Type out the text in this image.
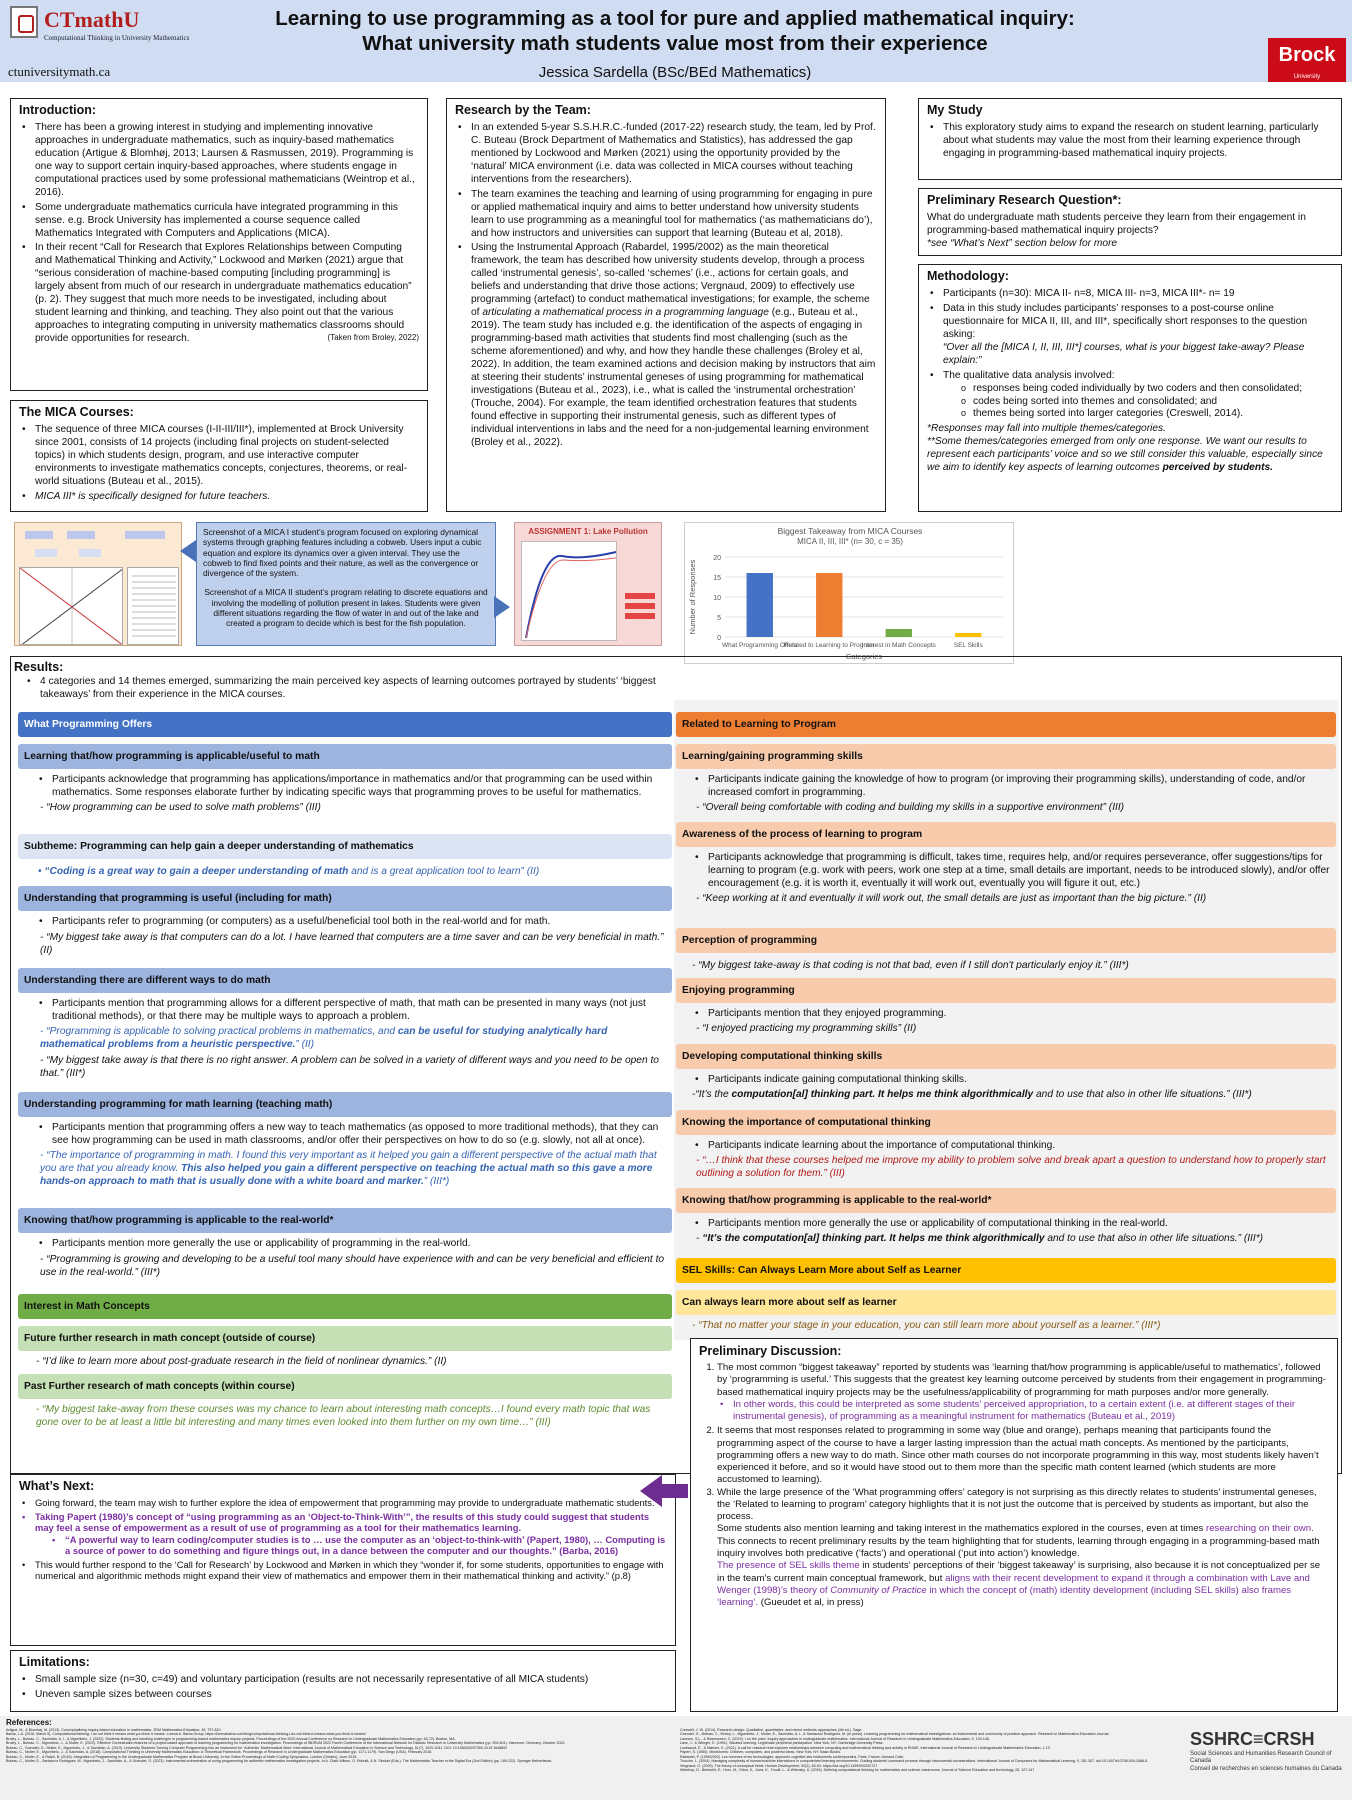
CTmathU
Computational Thinking in University Mathematics
ctuniversitymath.ca
Learning to use programming as a tool for pure and applied mathematical inquiry:
What university math students value most from their experience
Jessica Sardella (BSc/BEd Mathematics)
Brock
University
Introduction:
• There has been a growing interest in studying and implementing innovative approaches in undergraduate mathematics, such as inquiry-based mathematics education (Artigue & Blomhøj, 2013; Laursen & Rasmussen, 2019). Programming is one way to support certain inquiry-based approaches, where students engage in computational practices used by some professional mathematicians (Weintrop et al., 2016).
• Some undergraduate mathematics curricula have integrated programming in this sense. e.g. Brock University has implemented a course sequence called Mathematics Integrated with Computers and Applications (MICA).
• In their recent “Call for Research that Explores Relationships between Computing and Mathematical Thinking and Activity,” Lockwood and Mørken (2021) argue that “serious consideration of machine-based computing [including programming] is largely absent from much of our research in undergraduate mathematics education” (p. 2). They suggest that much more needs to be investigated, including about student learning and thinking, and teaching. They also point out that the various approaches to integrating computing in university mathematics classrooms should provide opportunities for research.	(Taken from Broley, 2022)
The MICA Courses:
• The sequence of three MICA courses (I-II-III/III*), implemented at Brock University since 2001, consists of 14 projects (including final projects on student-selected topics) in which students design, program, and use interactive computer environments to investigate mathematics concepts, conjectures, theorems, or real-world situations (Buteau et al., 2015).
• MICA III* is specifically designed for future teachers.
Research by the Team:
• In an extended 5-year S.S.H.R.C.-funded (2017-22) research study, the team, led by Prof. C. Buteau (Brock Department of Mathematics and Statistics), has addressed the gap mentioned by Lockwood and Mørken (2021) using the opportunity provided by the ‘natural’ MICA environment (i.e. data was collected in MICA courses without teaching interventions from the researchers).
• The team examines the teaching and learning of using programming for engaging in pure or applied mathematical inquiry and aims to better understand how university students learn to use programming as a meaningful tool for mathematics (‘as mathematicians do’), and how instructors and universities can support that learning (Buteau et al, 2018).
• Using the Instrumental Approach (Rabardel, 1995/2002) as the main theoretical framework, the team has described how university students develop, through a process called ‘instrumental genesis’, so-called ‘schemes’ (i.e., actions for certain goals, and beliefs and understanding that drive those actions; Vergnaud, 2009) to effectively use programming (artefact) to conduct mathematical investigations; for example, the scheme of articulating a mathematical process in a programming language (e.g., Buteau et al., 2019). The team study has included e.g. the identification of the aspects of engaging in programming-based math activities that students find most challenging (such as the scheme aforementioned) and why, and how they handle these challenges (Broley et al, 2022). In addition, the team examined actions and decision making by instructors that aim at steering their students’ instrumental geneses of using programming for mathematical investigations (Buteau et al., 2023), i.e., what is called the ‘instrumental orchestration’ (Trouche, 2004). For example, the team identified orchestration features that students found effective in supporting their instrumental genesis, such as different types of individual interventions in labs and the need for a non-judgemental learning environment (Broley et al., 2022).
My Study
• This exploratory study aims to expand the research on student learning, particularly about what students may value the most from their learning experience through engaging in programming-based mathematical inquiry projects.
Preliminary Research Question*:
What do undergraduate math students perceive they learn from their engagement in programming-based mathematical inquiry projects?
*see “What’s Next” section below for more
Methodology:
• Participants (n=30): MICA II- n=8, MICA III- n=3, MICA III*- n= 19
• Data in this study includes participants’ responses to a post-course online questionnaire for MICA II, III, and III*, specifically short responses to the question asking:
“Over all the [MICA I, II, III, III*] courses, what is your biggest take-away? Please explain:”
• The qualitative data analysis involved:
o responses being coded individually by two coders and then consolidated;
o codes being sorted into themes and consolidated; and
o themes being sorted into larger categories (Creswell, 2014).
*Responses may fall into multiple themes/categories.
**Some themes/categories emerged from only one response. We want our results to represent each participants’ voice and so we still consider this valuable, especially since we aim to identify key aspects of learning outcomes perceived by students.
Screenshot of a MICA I student’s program focused on exploring dynamical systems through graphing features including a cobweb. Users input a cubic equation and explore its dynamics over a given interval. They use the cobweb to find fixed points and their nature, as well as the convergence or divergence of the system.
Screenshot of a MICA II student’s program relating to discrete equations and involving the modelling of pollution present in lakes. Students were given different situations regarding the flow of water in and out of the lake and created a program to decide which is best for the fish population.
ASSIGNMENT 1: Lake Pollution	Biggest Takeaway from MICA Courses
MICA II, III, III* (n= 30, c = 35)
0
5
10
15
20
What Programming Offers
Related to Learning to Program
Interest in Math Concepts	SEL Skills
Categories
Number of Responses
Results:
• 4 categories and 14 themes emerged, summarizing the main perceived key aspects of learning outcomes portrayed by students’ ‘biggest takeaways’ from their experience in the MICA courses.
What Programming Offers
Learning that/how programming is applicable/useful to math
• Participants acknowledge that programming has applications/importance in mathematics and/or that programming can be used within mathematics. Some responses elaborate further by indicating specific ways that programming proves to be useful for mathematics.
- “How programming can be used to solve math problems” (III)
Subtheme: Programming can help gain a deeper understanding of mathematics
• “Coding is a great way to gain a deeper understanding of math and is a great application tool to learn” (II)
Understanding that programming is useful (including for math)
• Participants refer to programming (or computers) as a useful/beneficial tool both in the real-world and for math.
- “My biggest take away is that computers can do a lot. I have learned that computers are a time saver and can be very beneficial in math.” (II)
Understanding there are different ways to do math
• Participants mention that programming allows for a different perspective of math, that math can be presented in many ways (not just traditional methods), or that there may be multiple ways to approach a problem.
- “Programming is applicable to solving practical problems in mathematics, and can be useful for studying analytically hard mathematical problems from a heuristic perspective.” (II)
- “My biggest take away is that there is no right answer. A problem can be solved in a variety of different ways and you need to be open to that.” (III*)
Understanding programming for math learning (teaching math)
• Participants mention that programming offers a new way to teach mathematics (as opposed to more traditional methods), that they can see how programming can be used in math classrooms, and/or offer their perspectives on how to do so (e.g. slowly, not all at once).
- “The importance of programming in math. I found this very important as it helped you gain a different perspective of the actual math that you are that you already know. This also helped you gain a different perspective on teaching the actual math so this gave a more hands-on approach to math that is usually done with a white board and marker.” (III*)
Knowing that/how programming is applicable to the real-world*
• Participants mention more generally the use or applicability of programming in the real-world.
- “Programming is growing and developing to be a useful tool many should have experience with and can be very beneficial and efficient to use in the real-world.” (III*)
Interest in Math Concepts
Future further research in math concept (outside of course)
- “I’d like to learn more about post-graduate research in the field of nonlinear dynamics.” (II)
Past Further research of math concepts (within course)
- “My biggest take-away from these courses was my chance to learn about interesting math concepts…I found every math topic that was gone over to be at least a little bit interesting and many times even looked into them further on my own time…” (III)
Related to Learning to Program
Learning/gaining programming skills
• Participants indicate gaining the knowledge of how to program (or improving their programming skills), understanding of code, and/or increased comfort in programming.
- “Overall being comfortable with coding and building my skills in a supportive environment” (III)
Awareness of the process of learning to program
• Participants acknowledge that programming is difficult, takes time, requires help, and/or requires perseverance, offer suggestions/tips for learning to program (e.g. work with peers, work one step at a time, small details are important, needs to be introduced slowly), and/or offer encouragement (e.g. it is worth it, eventually it will work out, eventually you will figure it out, etc.)
- “Keep working at it and eventually it will work out, the small details are just as important than the big picture.” (II)
Perception of programming
- “My biggest take-away is that coding is not that bad, even if I still don't particularly enjoy it.” (III*)
Enjoying programming
• Participants mention that they enjoyed programming.
- “I enjoyed practicing my programming skills” (II)
Developing computational thinking skills
• Participants indicate gaining computational thinking skills.
-“It’s the computation[al] thinking part. It helps me think algorithmically and to use that also in other life situations.” (III*)
Knowing the importance of computational thinking
• Participants indicate learning about the importance of computational thinking.
- “…I think that these courses helped me improve my ability to problem solve and break apart a question to understand how to properly start outlining a solution for them.” (III)
Knowing that/how programming is applicable to the real-world*
• Participants mention more generally the use or applicability of computational thinking in the real-world.
- “It’s the computation[al] thinking part. It helps me think algorithmically and to use that also in other life situations.” (III*)
SEL Skills: Can Always Learn More about Self as Learner
Can always learn more about self as learner
- “That no matter your stage in your education, you can still learn more about yourself as a learner.” (III*)
Preliminary Discussion:
1. The most common “biggest takeaway” reported by students was ‘learning that/how programming is applicable/useful to mathematics’, followed by ‘programming is useful.’ This suggests that the greatest key learning outcome perceived by students from their engagement in programming-based mathematical inquiry projects may be the usefulness/applicability of programming for math purposes and/or more generally.
• In other words, this could be interpreted as some students’ perceived appropriation, to a certain extent (i.e. at different stages of their instrumental genesis), of programming as a meaningful instrument for mathematics (Buteau et al., 2019)
2. It seems that most responses related to programming in some way (blue and orange), perhaps meaning that participants found the programming aspect of the course to have a larger lasting impression than the actual math concepts. As mentioned by the participants, programming offers a new way to do math. Since other math courses do not incorporate programming in this way, most students likely haven’t experienced it before, and so it would have stood out to them more than the specific math content learned (which students are more accustomed to learning).
3. While the large presence of the ‘What programming offers’ category is not surprising as this directly relates to students’ instrumental geneses, the ‘Related to learning to program’ category highlights that it is not just the outcome that is perceived by students as important, but also the process.
Some students also mention learning and taking interest in the mathematics explored in the courses, even at times researching on their own. This connects to recent preliminary results by the team highlighting that for students, learning through engaging in a programming-based math inquiry involves both predicative (‘facts’) and operational (‘put into action’) knowledge.
The presence of SEL skills theme in students’ perceptions of their ‘biggest takeaway’ is surprising, also because it is not conceptualized per se in the team’s current main conceptual framework, but aligns with their recent development to expand it through a combination with Lave and Wenger (1998)’s theory of Community of Practice in which the concept of (math) identity development (including SEL skills) also frames ‘learning’. (Gueudet et al, in press)
What’s Next:
• Going forward, the team may wish to further explore the idea of empowerment that programming may provide to undergraduate mathematic students.
• Taking Papert (1980)’s concept of “using programming as an ‘Object-to-Think-With’”, the results of this study could suggest that students may feel a sense of empowerment as a result of use of programming as a tool for their mathematics learning.
• “A powerful way to learn coding/computer studies is to … use the computer as an ‘object-to-think-with’ (Papert, 1980), … Computing is a source of power to do something and figure things out, in a dance between the computer and our thoughts.” (Barba, 2016)
• This would further respond to the ‘Call for Research’ by Lockwood and Mørken in which they “wonder if, for some students, opportunities to engage with numerical and algorithmic methods might expand their view of mathematics and empower them in their mathematical thinking and activity.” (p.8)
Limitations:
• Small sample size (n=30, c=49) and voluntary participation (results are not necessarily representative of all MICA students)
• Uneven sample sizes between courses
References:
Artigue, M., & Blomhøj, M. (2013). Conceptualizing inquiry-based education in mathematics. ZDM Mathematics Education, 45, 797-810.
Barba, L.A. (2016, March 5). Computational thinking: I do not think it means what you think it means. Lorena A. Barba Group. https://lorenabarba.com/blog/computational-thinking-i-do-not-think-it-means-what-you-think-it-means/
Broley, L., Buteau, C., Sacristán, A. I., & Mgombelo, J. (2022). Students finding and handling challenges in programming-based mathematics inquiry projects. Proceedings of the 2020 Annual Conference on Research in Undergraduate Mathematics Education (pp. 63-72). Boston, MA.
Broley, L., Buteau, C., Mgombelo, J., & Muller, E. (2022). Effective Orchestration features of a project-based approach to learning programming for mathematics investigation. Proceedings of INDRUM 2022 Fourth Conference of the International Network for Didactic Research in University Mathematics (pp. 592-601). Hannover, Germany. October 2022.
Buteau, C., Gueudet, G., Muller, E., Mgombelo, J., & Sacristán, A. (2019). University Students Turning Computer Programming into an Instrument for ‘Authentic’ Mathematical Work. International Journal of Mathematical Education in Science and Technology, 51(7), 1020-1041. DOI: 10.1080/0020739X.2019.1648892
Buteau, C., Muller, E., Mgombelo, J., & Sacristán, A. (2018). Computational Thinking in University Mathematics Education: A Theoretical Framework. Proceedings of Research in Undergraduate Mathematics Education (pp. 1171-1179). San Diego (USA), February 2018.
Buteau, C., Muller, E., & Ralph, B. (2015). Integration of Programming in the Undergraduate Mathematics Program at Brock University. In the Online Proceedings of Math+Coding Symposium, London (Ontario), June 2015.
Buteau, C., Muller, E., Santacruz Rodriguez, M., Mgombelo, J., Sacristán, A., & Gueudet, G. (2023). Instrumental orchestration of using programming for authentic mathematics investigation projects. In A. Clark-Wilson, O. Robutti, & N. Sinclair (Eds.), The Mathematics Teacher in the Digital Era (2nd Edition) (pp. 189-222). Springer Netherlands.
Creswell, J. W. (2014). Research design: Qualitative, quantitative, and mixed methods approaches (4th ed.). Sage.
Gueudet, G., Buteau, C., Broley, L., Mgombelo, J., Muller, E., Sacristán, A. I., & Santacruz Rodriguez, M. (in press). Learning programming for mathematical investigations: an instrumental and community of practice approach. Research in Mathematics Education Journal.
Laursen, S.L., & Rasmussen, C. (2019). I on the prize: Inquiry approaches in undergraduate mathematics. International Journal of Research in Undergraduate Mathematics Education, 5, 129-146.
Lave, J., & Wenger, E. (1991). Situated learning: Legitimate peripheral participation. New York, NY: Cambridge University Press.
Lockwood, E., & Mørken, K. (2021). A call for research that explores relationships between computing and mathematical thinking and activity in RUME. International Journal of Research in Undergraduate Mathematics Education, 1-13.
Papert, S. (1980). Mindstorms: Children, computers, and powerful ideas. New York, NY: Basic Books.
Rabardel, P. (1995/2002). Les hommes et les technologies; approche cognitive des instruments contemporains. Paris, France: Armand Colin.
Trouche, L. (2004). Managing complexity of human/machine interactions in computerized learning environments: Guiding students’ command process through instrumental orchestrations. International Journal of Computers for Mathematical Learning, 9, 281-307. doi:10.1007/s10758-004-3468-5
Vergnaud, G. (2009). The theory of conceptual fields. Human Development, 52(2), 83-94. https://doi.org/10.1159/000202727
Weintrop, D., Beheshti, E., Horn, M., Orton, K., Jona, K., Trouill, L., & Wilensky, U. (2016). Defining computational thinking for mathematics and science classrooms. Journal of Science Education and technology, 25, 127-147
SSHRC≡CRSH
Social Sciences and Humanities Research Council of Canada
Conseil de recherches en sciences humaines du Canada
